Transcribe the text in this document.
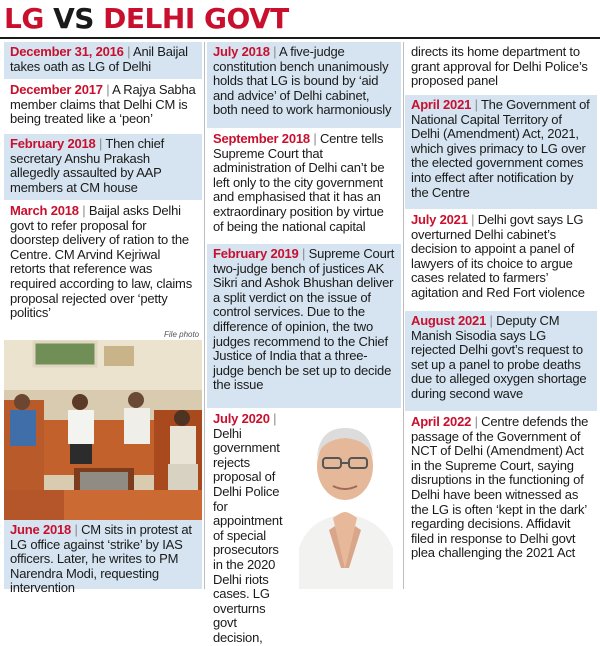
LG VS DELHI GOVT
December 31, 2016 | Anil Baijal takes oath as LG of Delhi
December 2017 | A Rajya Sabha member claims that Delhi CM is being treated like a ‘peon’
February 2018 | Then chief secretary Anshu Prakash allegedly assaulted by AAP members at CM house
March 2018 | Baijal asks Delhi govt to refer proposal for doorstep delivery of ration to the Centre. CM Arvind Kejriwal retorts that reference was required according to law, claims proposal rejected over ‘petty politics’
File photo
June 2018 | CM sits in protest at LG office against ‘strike’ by IAS officers. Later, he writes to PM Narendra Modi, requesting intervention
July 2018 | A five-judge constitution bench unanimously holds that LG is bound by ‘aid and advice’ of Delhi cabinet, both need to work harmoniously
September 2018 | Centre tells Supreme Court that administration of Delhi can’t be left only to the city government and emphasised that it has an extraordinary position by virtue of being the national capital
February 2019 | Supreme Court two-judge bench of justices AK Sikri and Ashok Bhushan deliver a split verdict on the issue of control services. Due to the difference of opinion, the two judges recommend to the Chief Justice of India that a three-judge bench be set up to decide the issue
July 2020 | Delhi government rejects proposal of Delhi Police for appointment of special prosecutors in the 2020 Delhi riots cases. LG overturns govt decision,
directs its home department to grant approval for Delhi Police’s proposed panel
April 2021 | The Government of National Capital Territory of Delhi (Amendment) Act, 2021, which gives primacy to LG over the elected government comes into effect after notification by the Centre
July 2021 | Delhi govt says LG overturned Delhi cabinet’s decision to appoint a panel of lawyers of its choice to argue cases related to farmers’ agitation and Red Fort violence
August 2021 | Deputy CM Manish Sisodia says LG rejected Delhi govt’s request to set up a panel to probe deaths due to alleged oxygen shortage during second wave
April 2022 | Centre defends the passage of the Government of NCT of Delhi (Amendment) Act in the Supreme Court, saying disruptions in the functioning of Delhi have been witnessed as the LG is often ‘kept in the dark’ regarding decisions. Affidavit filed in response to Delhi govt plea challenging the 2021 Act
